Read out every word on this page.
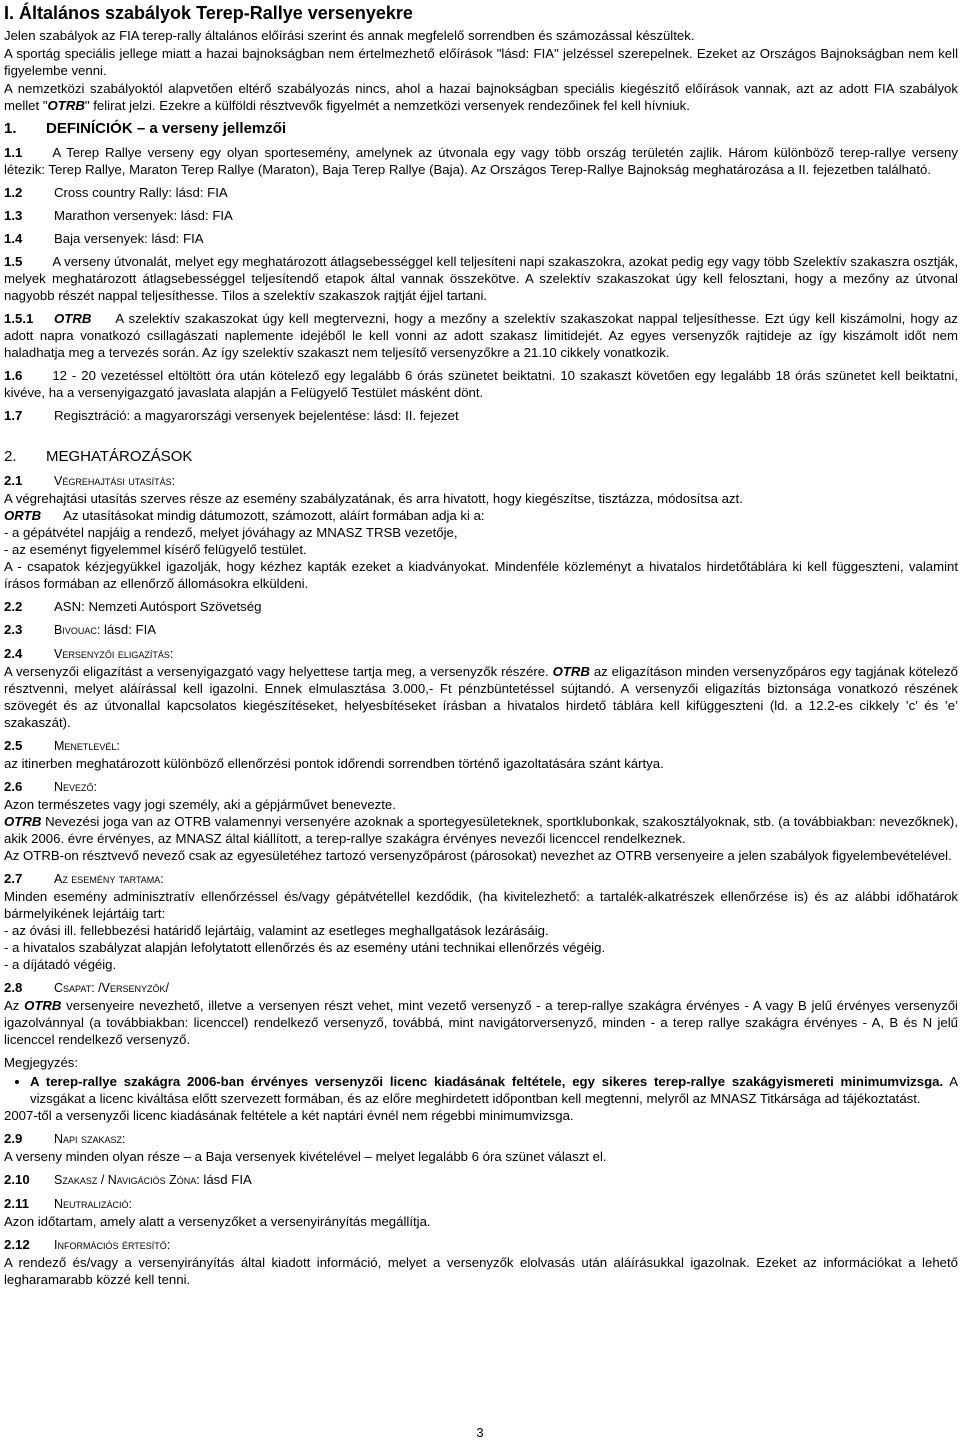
I. Általános szabályok Terep-Rallye versenyekre

Jelen szabályok az FIA terep-rally általános előírási szerint és annak megfelelő sorrendben és számozással készültek.

A sportág speciális jellege miatt a hazai bajnokságban nem értelmezhető előírások "lásd: FIA" jelzéssel szerepelnek. Ezeket az Országos Bajnokságban nem kell figyelembe venni.

A nemzetközi szabályoktól alapvetően eltérő szabályozás nincs, ahol a hazai bajnokságban speciális kiegészítő előírások vannak, azt az adott FIA szabályok mellet "OTRB" felirat jelzi. Ezekre a külföldi résztvevők figyelmét a nemzetközi versenyek rendezőinek fel kell hívniuk.

1. DEFINÍCIÓK – a verseny jellemzői

1.1 A Terep Rallye verseny egy olyan sportesemény, amelynek az útvonala egy vagy több ország területén zajlik. Három különböző terep-rallye verseny létezik: Terep Rallye, Maraton Terep Rallye (Maraton), Baja Terep Rallye (Baja). Az Országos Terep-Rallye Bajnokság meghatározása a II. fejezetben található.

1.2 Cross country Rally: lásd: FIA

1.3 Marathon versenyek: lásd: FIA

1.4 Baja versenyek: lásd: FIA

1.5 A verseny útvonalát, melyet egy meghatározott átlagsebességgel kell teljesíteni napi szakaszokra, azokat pedig egy vagy több Szelektív szakaszra osztják, melyek meghatározott átlagsebességgel teljesítendő etapok által vannak összekötve. A szelektív szakaszokat úgy kell felosztani, hogy a mezőny az útvonal nagyobb részét nappal teljesíthesse. Tilos a szelektív szakaszok rajtját éjjel tartani.

1.5.1 OTRB A szelektív szakaszokat úgy kell megtervezni, hogy a mezőny a szelektív szakaszokat nappal teljesíthesse. Ezt úgy kell kiszámolni, hogy az adott napra vonatkozó csillagászati naplemente idejéből le kell vonni az adott szakasz limitidejét. Az egyes versenyzők rajtideje az így kiszámolt időt nem haladhatja meg a tervezés során. Az így szelektív szakaszt nem teljesítő versenyzőkre a 21.10 cikkely vonatkozik.

1.6 12 - 20 vezetéssel eltöltött óra után kötelező egy legalább 6 órás szünetet beiktatni. 10 szakaszt követően egy legalább 18 órás szünetet kell beiktatni, kivéve, ha a versenyigazgató javaslata alapján a Felügyelő Testület másként dönt.

1.7 Regisztráció: a magyarországi versenyek bejelentése: lásd: II. fejezet

2. MEGHATÁROZÁSOK

2.1	Végrehajtási utasítás:

A végrehajtási utasítás szerves része az esemény szabályzatának, és arra hivatott, hogy kiegészítse, tisztázza, módosítsa azt.

ORTB Az utasításokat mindig dátumozott, számozott, aláírt formában adja ki a:

- a gépátvétel napjáig a rendező, melyet jóváhagy az MNASZ TRSB vezetője,

- az eseményt figyelemmel kísérő felügyelő testület.

A - csapatok kézjegyükkel igazolják, hogy kézhez kapták ezeket a kiadványokat. Mindenféle közleményt a hivatalos hirdetőtáblára ki kell függeszteni, valamint írásos formában az ellenőrző állomásokra elküldeni.

2.2 ASN: Nemzeti Autósport Szövetség

2.3	Bivouac: lásd: FIA

2.4	Versenyzői eligazítás:

A versenyzői eligazítást a versenyigazgató vagy helyettese tartja meg, a versenyzők részére. OTRB az eligazításon minden versenyzőpáros egy tagjának kötelező résztvenni, melyet aláírással kell igazolni. Ennek elmulasztása 3.000,- Ft pénzbüntetéssel sújtandó. A versenyzői eligazítás biztonsága vonatkozó részének szövegét és az útvonallal kapcsolatos kiegészítéseket, helyesbítéseket írásban a hivatalos hirdető táblára kell kifüggeszteni (ld. a 12.2-es cikkely ’c’ és ’e’ szakaszát).

2.5	Menetlevél:

az itinerben meghatározott különböző ellenőrzési pontok időrendi sorrendben történő igazoltatására szánt kártya.

2.6	Nevező:

Azon természetes vagy jogi személy, aki a gépjárművet benevezte.

OTRB Nevezési joga van az OTRB valamennyi versenyére azoknak a sportegyesületeknek, sportklubonkak, szakosztályoknak, stb. (a továbbiakban: nevezőknek), akik 2006. évre érvényes, az MNASZ által kiállított, a terep-rallye szakágra érvényes nevezői licenccel rendelkeznek.

Az OTRB-on résztvevő nevező csak az egyesületéhez tartozó versenyzőpárost (párosokat) nevezhet az OTRB versenyeire a jelen szabályok figyelembevételével.

2.7	Az esemény tartama:

Minden esemény adminisztratív ellenőrzéssel és/vagy gépátvétellel kezdődik, (ha kivitelezhető: a tartalék-alkatrészek ellenőrzése is) és az alábbi időhatárok bármelyikének lejártáig tart:

- az óvási ill. fellebbezési határidő lejártáig, valamint az esetleges meghallgatások lezárásáig.

- a hivatalos szabályzat alapján lefolytatott ellenőrzés és az esemény utáni technikai ellenőrzés végéig.

- a díjátadó végéig.

2.8	Csapat: /Versenyzők/

Az OTRB versenyeire nevezhető, illetve a versenyen részt vehet, mint vezető versenyző - a terep-rallye szakágra érvényes - A vagy B jelű érvényes versenyzői igazolvánnyal (a továbbiakban: licenccel) rendelkező versenyző, továbbá, mint navigátorversenyző, minden - a terep rallye szakágra érvényes - A, B és N jelű licenccel rendelkező versenyző.

Megjegyzés:

• A terep-rallye szakágra 2006-ban érvényes versenyzői licenc kiadásának feltétele, egy sikeres terep-rallye szakágyismereti minimumvizsga. A vizsgákat a licenc kiváltása előtt szervezett formában, és az előre meghirdetett időpontban kell megtenni, melyről az MNASZ Titkársága ad tájékoztatást.

2007-től a versenyzői licenc kiadásának feltétele a két naptári évnél nem régebbi minimumvizsga.

2.9	Napi szakasz:

A verseny minden olyan része – a Baja versenyek kivételével – melyet legalább 6 óra szünet választ el.

2.10 Szakasz / Navigációs Zóna: lásd FIA

2.11 Neutralizáció:

Azon időtartam, amely alatt a versenyzőket a versenyirányítás megállítja.

2.12 Információs értesítő:

A rendező és/vagy a versenyirányítás által kiadott információ, melyet a versenyzők elolvasás után aláírásukkal igazolnak. Ezeket az információkat a lehető legharamarabb közzé kell tenni.

3
